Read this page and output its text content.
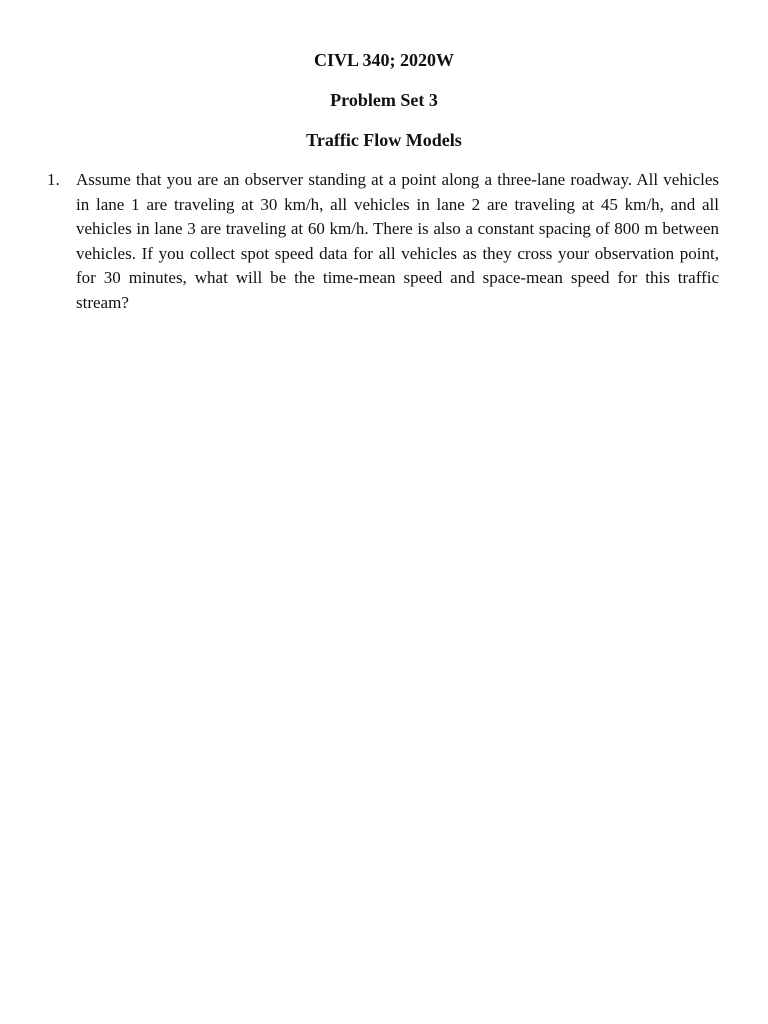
CIVL 340; 2020W
Problem Set 3
Traffic Flow Models
1. Assume that you are an observer standing at a point along a three-lane roadway. All vehicles in lane 1 are traveling at 30 km/h, all vehicles in lane 2 are traveling at 45 km/h, and all vehicles in lane 3 are traveling at 60 km/h. There is also a constant spacing of 800 m between vehicles. If you collect spot speed data for all vehicles as they cross your observation point, for 30 minutes, what will be the time-mean speed and space-mean speed for this traffic stream?
